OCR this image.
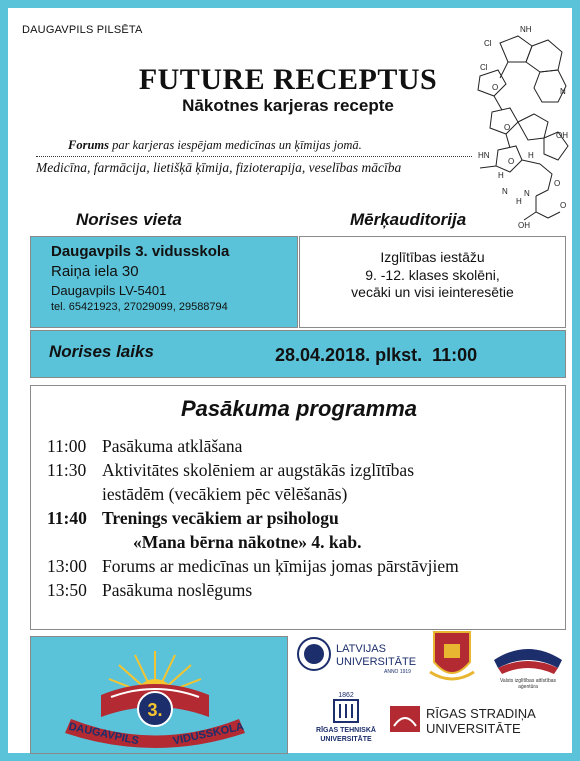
DAUGAVPILS PILSĒTA
FUTURE RECEPTUS
Nākotnes karjeras recepte
Forums par karjeras iespējam medicīnas un ķīmijas jomā.
Medicīna, farmācija, lietišķā ķīmija, fizioterapija, veselības mācība
NH
Cl
Cl
O
O
N
OH
HN
O
H
H
N
O
H
N
O
OH
Norises vieta	Mērķauditorija
Daugavpils 3. vidusskola
Raiņa iela 30
Daugavpils LV-5401
tel. 65421923, 27029099, 29588794
Izglītības iestāžu
9. -12. klases skolēni,
vecāki un visi ieinteresētie
Norises laiks	28.04.2018. plkst. 11:00
Pasākuma programma
11:00 Pasākuma atklāšana
11:30 Aktivitātes skolēniem ar augstākās izglītības
iestādēm (vecākiem pēc vēlēšanās)
11:40 Trenings vecākiem ar psihologu
«Mana bērna nākotne» 4. kab.
13:00 Forums ar medicīnas un ķīmijas jomas pārstāvjiem
13:50 Pasākuma noslēgums
3.
DAUGAVPILS	VIDUSSKOLA
LATVIJAS
UNIVERSITĀTE
ANNO 1919
Valsts izglītības attīstības
aģentūra
1862
RĪGAS TEHNISKĀ
UNIVERSITĀTE
RĪGAS STRADIŅA
UNIVERSITĀTE
